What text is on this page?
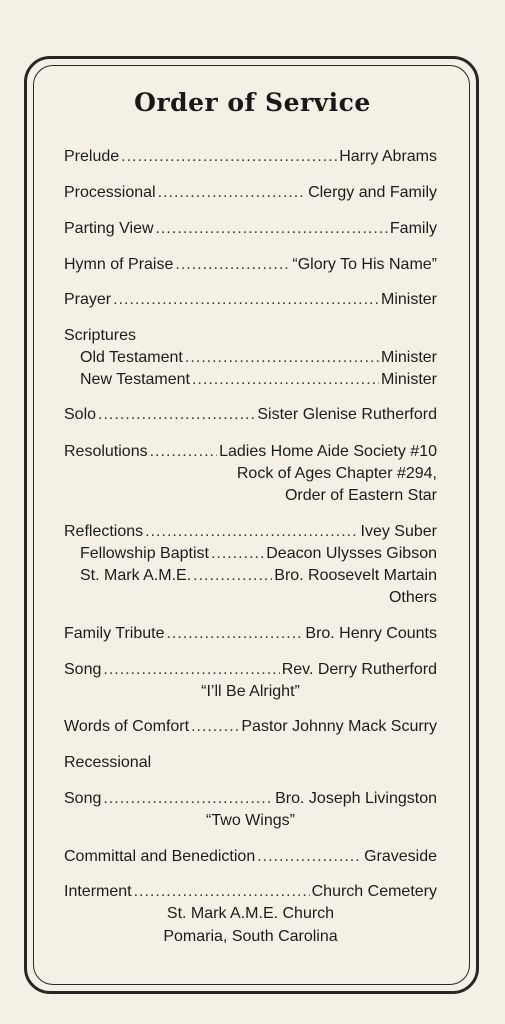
Order of Service
Prelude .....	Harry Abrams
Processional .....	Clergy and Family
Parting View .....	Family
Hymn of Praise .....	“Glory To His Name”
Prayer .....	Minister
Scriptures
Old Testament .....	Minister
New Testament .....	Minister
Solo .....	Sister Glenise Rutherford
Resolutions .....	Ladies Home Aide Society #10
Rock of Ages Chapter #294,
Order of Eastern Star
Reflections .....	Ivey Suber
Fellowship Baptist .....	Deacon Ulysses Gibson
St. Mark A.M.E. .....	Bro. Roosevelt Martain
Others
Family Tribute .....	Bro. Henry Counts
Song .....	Rev. Derry Rutherford
“I’ll Be Alright”
Words of Comfort .....	Pastor Johnny Mack Scurry
Recessional
Song .....	Bro. Joseph Livingston
“Two Wings”
Committal and Benediction .....	Graveside
Interment .....	Church Cemetery
St. Mark A.M.E. Church
Pomaria, South Carolina
